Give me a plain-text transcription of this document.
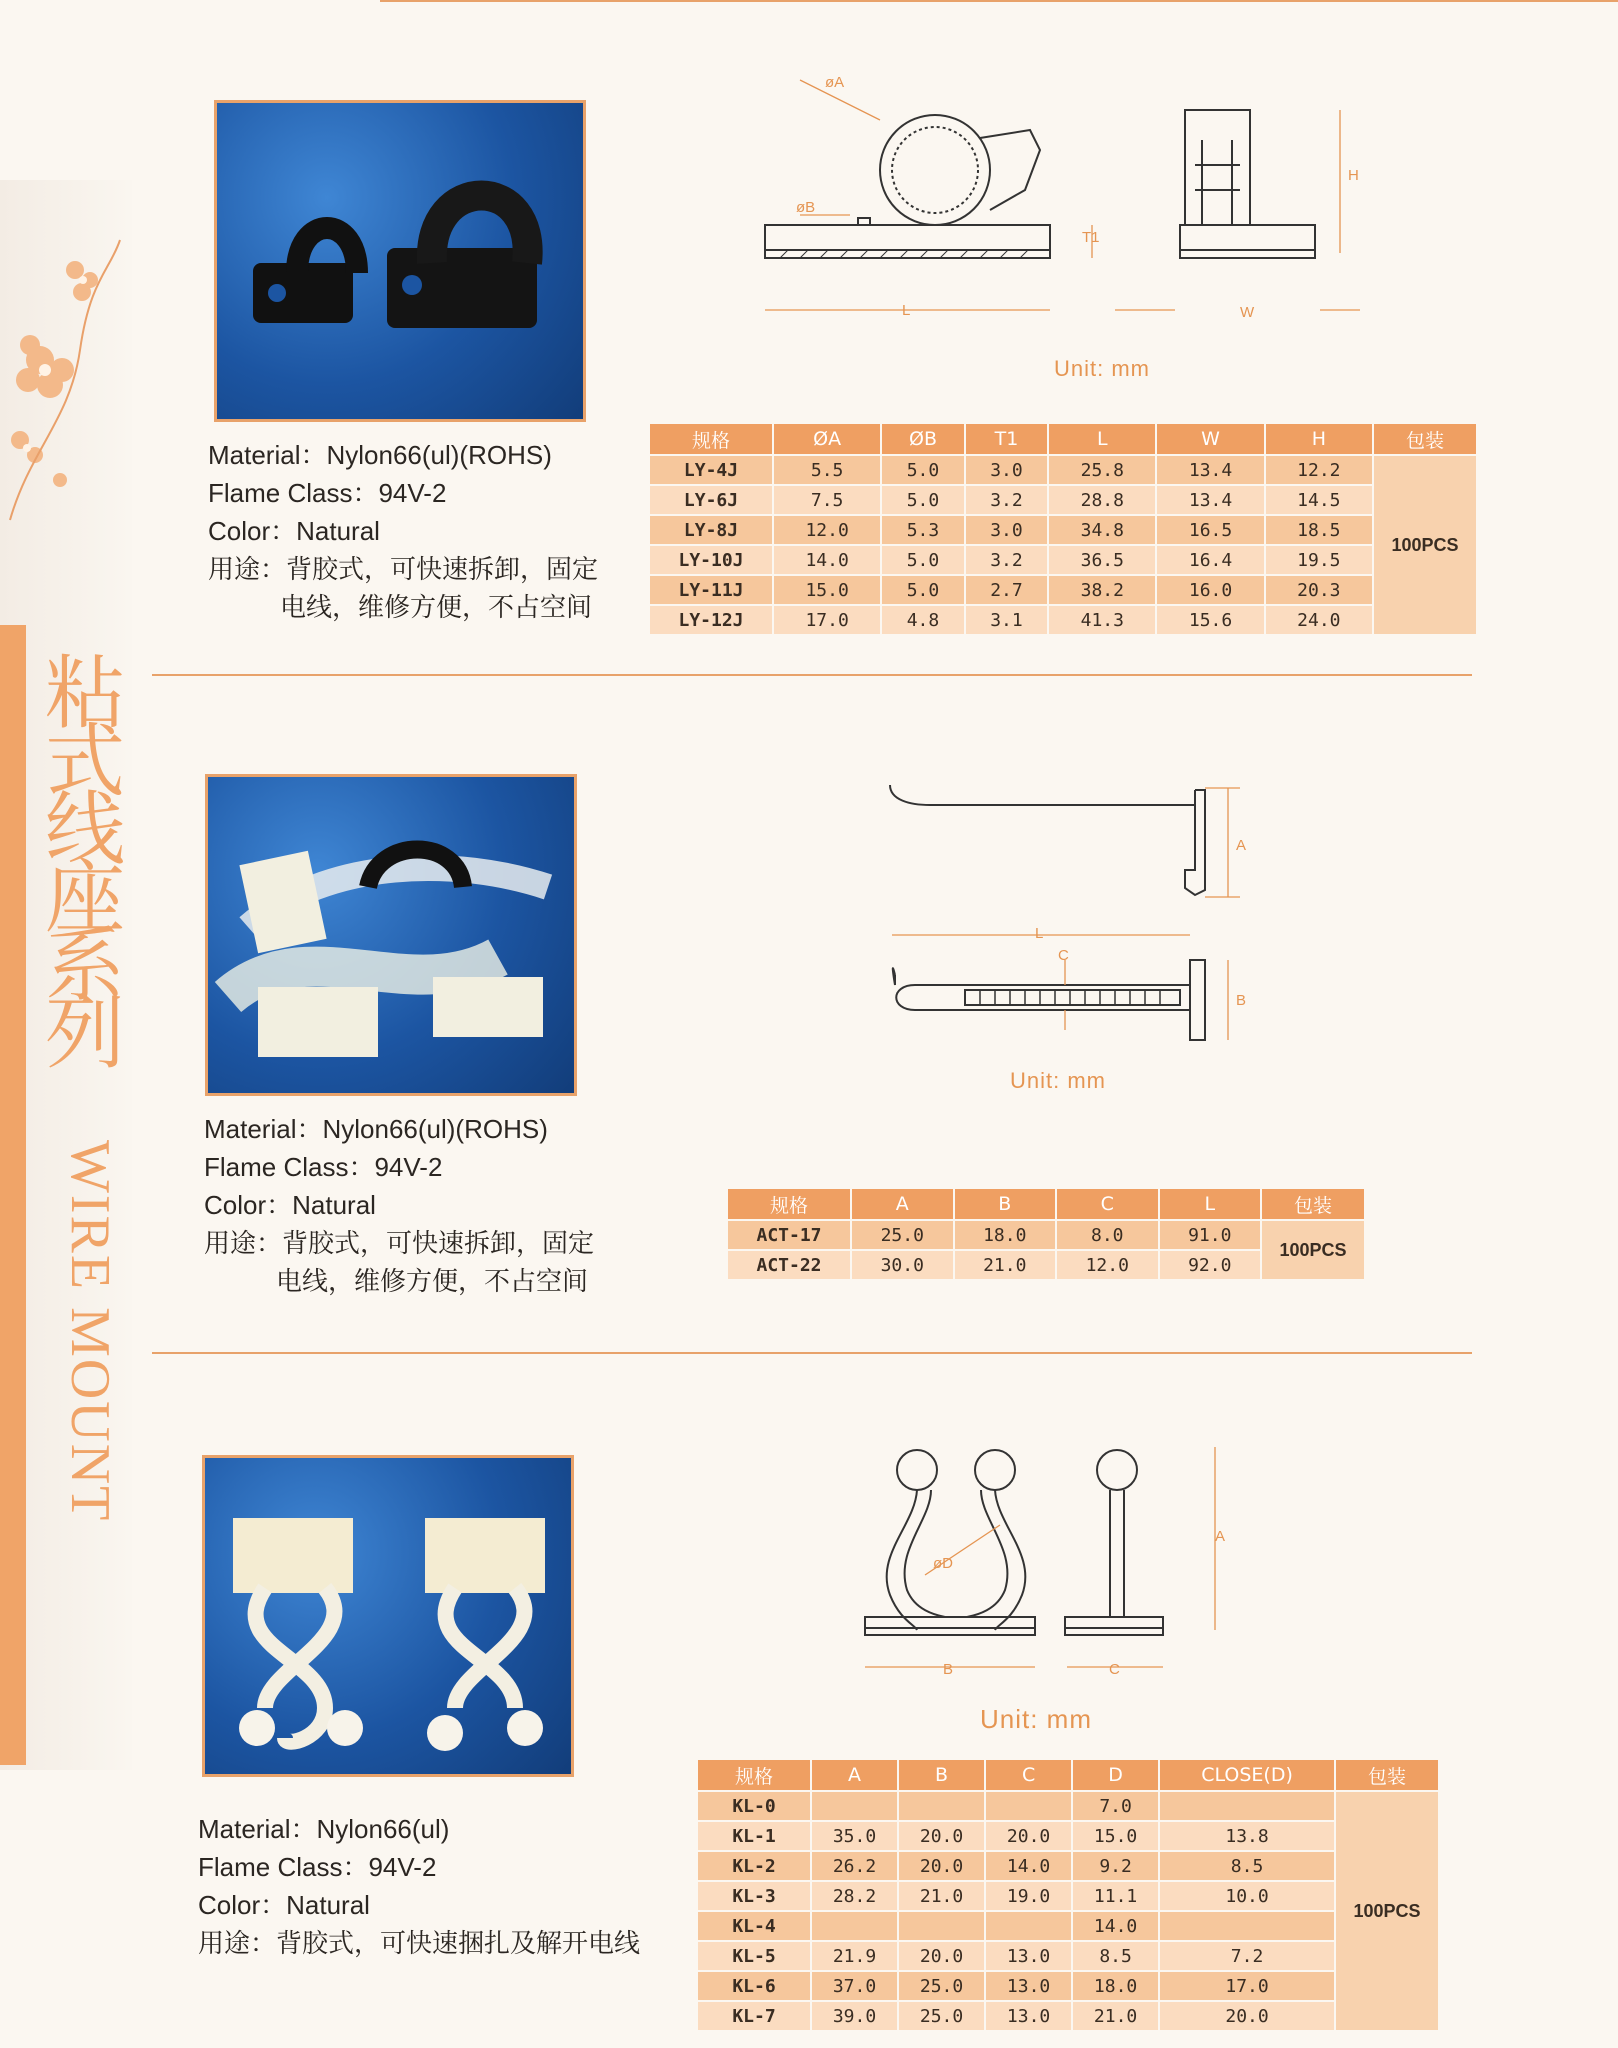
粘式线座系列
WIRE MOUNT
Material：Nylon66(ul)(ROHS)
Flame Class：94V-2
Color：Natural
用途：背胶式，可快速拆卸，固定
电线，维修方便，不占空间
øA
øB
T1
H
L	W
Unit: mm
规格	ØA	ØB	T1	L	W	H	包装
LY-4J	5.5	5.0	3.0	25.8	13.4	12.2	100PCS
LY-6J	7.5	5.0	3.2	28.8	13.4	14.5	
LY-8J	12.0	5.3	3.0	34.8	16.5	18.5	
LY-10J	14.0	5.0	3.2	36.5	16.4	19.5	
LY-11J	15.0	5.0	2.7	38.2	16.0	20.3	
LY-12J	17.0	4.8	3.1	41.3	15.6	24.0	
Material：Nylon66(ul)(ROHS)
Flame Class：94V-2
Color：Natural
用途：背胶式，可快速拆卸，固定
电线，维修方便，不占空间
A
L
C
B
Unit: mm
规格	A	B	C	L	包装
ACT-17	25.0	18.0	8.0	91.0	100PCS
ACT-22	30.0	21.0	12.0	92.0	
Material：Nylon66(ul)
Flame Class：94V-2
Color：Natural
用途：背胶式，可快速捆扎及解开电线
A
øD
B	C
Unit: mm
规格	A	B	C	D	CLOSE(D)	包装
KL-0				7.0		100PCS
KL-1	35.0	20.0	20.0	15.0	13.8	
KL-2	26.2	20.0	14.0	9.2	8.5	
KL-3	28.2	21.0	19.0	11.1	10.0	
KL-4				14.0		
KL-5	21.9	20.0	13.0	8.5	7.2	
KL-6	37.0	25.0	13.0	18.0	17.0	
KL-7	39.0	25.0	13.0	21.0	20.0	
